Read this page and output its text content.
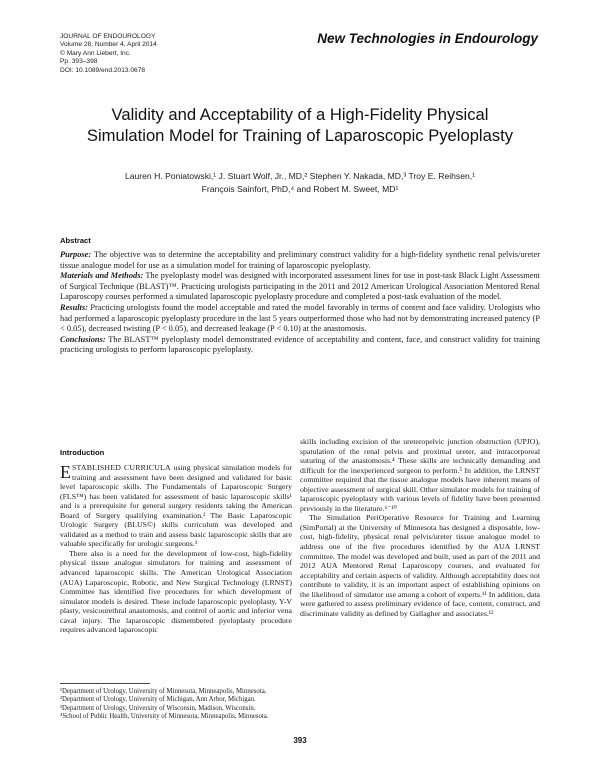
JOURNAL OF ENDOUROLOGY
Volume 28, Number 4, April 2014
© Mary Ann Liebert, Inc.
Pp. 393–398
DOI: 10.1089/end.2013.0678
New Technologies in Endourology
Validity and Acceptability of a High-Fidelity Physical
Simulation Model for Training of Laparoscopic Pyeloplasty
Lauren H. Poniatowski,¹ J. Stuart Wolf, Jr., MD,² Stephen Y. Nakada, MD,³ Troy E. Reihsen,¹
François Sainfort, PhD,⁴ and Robert M. Sweet, MD¹
Abstract

Purpose: The objective was to determine the acceptability and preliminary construct validity for a high-fidelity synthetic renal pelvis/ureter tissue analogue model for use as a simulation model for training of laparoscopic pyeloplasty.

Materials and Methods: The pyeloplasty model was designed with incorporated assessment lines for use in post-task Black Light Assessment of Surgical Technique (BLAST)™. Practicing urologists participating in the 2011 and 2012 American Urological Association Mentored Renal Laparoscopy courses performed a simulated laparoscopic pyeloplasty procedure and completed a post-task evaluation of the model.

Results: Practicing urologists found the model acceptable and rated the model favorably in terms of content and face validity. Urologists who had performed a laparoscopic pyeloplasty procedure in the last 5 years outperformed those who had not by demonstrating increased patency (P < 0.05), decreased twisting (P < 0.05), and decreased leakage (P < 0.10) at the anastomosis.

Conclusions: The BLAST™ pyeloplasty model demonstrated evidence of acceptability and content, face, and construct validity for training practicing urologists to perform laparoscopic pyeloplasty.

Introduction

ESTABLISHED CURRICULA using physical simulation models for training and assessment have been designed and validated for basic level laparoscopic skills. The Fundamentals of Laparoscopic Surgery (FLS™) has been validated for assessment of basic laparoscopic skills¹ and is a prerequisite for general surgery residents taking the American Board of Surgery qualifying examination.² The Basic Laparoscopic Urologic Surgery (BLUS©) skills curriculum was developed and validated as a method to train and assess basic laparoscopic skills that are valuable specifically for urologic surgeons.³

There also is a need for the development of low-cost, high-fidelity physical tissue analogue simulators for training and assessment of advanced laparoscopic skills. The American Urological Association (AUA) Laparoscopic, Robotic, and New Surgical Technology (LRNST) Committee has identified five procedures for which development of simulator models is desired. These include laparoscopic pyeloplasty, Y-V plasty, vesicourethral anastomosis, and control of aortic and inferior vena caval injury. The laparoscopic dismembered pyeloplasty procedure requires advanced laparoscopic

skills including excision of the ureteropelvic junction obstruction (UPJO), spatulation of the renal pelvis and proximal ureter, and intracorporeal suturing of the anastomosis.⁴ These skills are technically demanding and difficult for the inexperienced surgeon to perform.⁵ In addition, the LRNST committee required that the tissue analogue models have inherent means of objective assessment of surgical skill. Other simulator models for training of laparoscopic pyeloplasty with various levels of fidelity have been presented previously in the literature.⁶⁻¹⁰

The Simulation PeriOperative Resource for Training and Learning (SimPortal) at the University of Minnesota has designed a disposable, low-cost, high-fidelity, physical renal pelvis/ureter tissue analogue model to address one of the five procedures identified by the AUA LRNST committee. The model was developed and built, used as part of the 2011 and 2012 AUA Mentored Renal Laparoscopy courses, and evaluated for acceptability and certain aspects of validity. Although acceptability does not contribute to validity, it is an important aspect of establishing opinions on the likelihood of simulator use among a cohort of experts.¹¹ In addition, data were gathered to assess preliminary evidence of face, content, construct, and discriminate validity as defined by Gallagher and associates.¹²

¹Department of Urology, University of Minnesota, Minneapolis, Minnesota.
²Department of Urology, University of Michigan, Ann Arbor, Michigan.
³Department of Urology, University of Wisconsin, Madison, Wisconsin.
⁴School of Public Health, University of Minnesota, Minneapolis, Minnesota.
393
